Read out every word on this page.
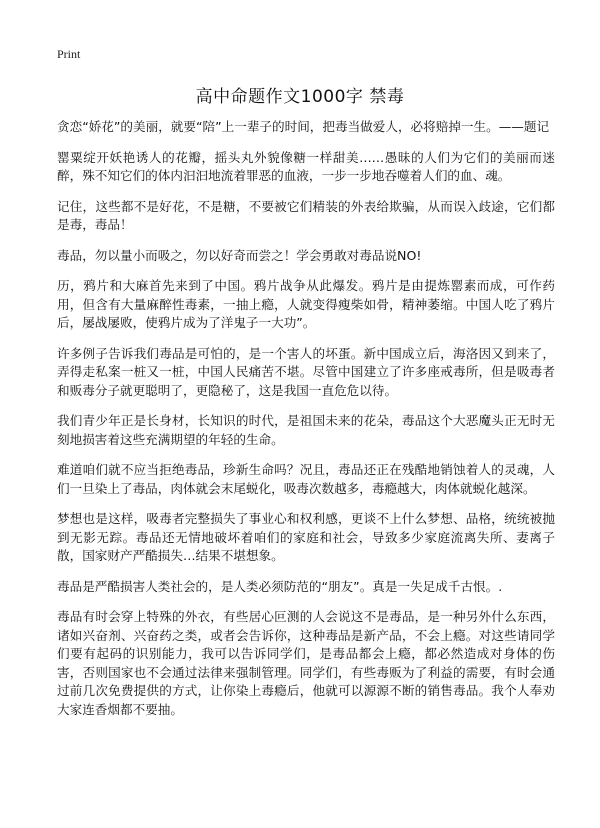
Print
高中命题作文1000字 禁毒

贪恋“娇花”的美丽，就要“陪”上一辈子的时间，把毒当做爱人，必将赔掉一生。——题记

罂粟绽开妖艳诱人的花瓣，摇头丸外貌像糖一样甜美……愚昧的人们为它们的美丽而迷醉，殊不知它们的体内汩汩地流着罪恶的血液，一步一步地吞噬着人们的血、魂。

记住，这些都不是好花，不是糖，不要被它们精装的外表给欺骗，从而误入歧途，它们都是毒，毒品！

毒品，勿以量小而吸之，勿以好奇而尝之！学会勇敢对毒品说NO!

历，鸦片和大麻首先来到了中国。鸦片战争从此爆发。鸦片是由提炼罂素而成，可作药用，但含有大量麻醉性毒素，一抽上瘾，人就变得瘦柴如骨，精神萎缩。中国人吃了鸦片后，屡战屡败，使鸦片成为了洋鬼子一大功”。

许多例子告诉我们毒品是可怕的，是一个害人的坏蛋。新中国成立后，海洛因又到来了，弄得走私案一桩又一桩，中国人民痛苦不堪。尽管中国建立了许多座戒毒所，但是吸毒者和贩毒分子就更聪明了，更隐秘了，这是我国一直危危以待。

我们青少年正是长身材，长知识的时代，是祖国未来的花朵，毒品这个大恶魔头正无时无刻地损害着这些充满期望的年轻的生命。

难道咱们就不应当拒绝毒品，珍新生命吗？况且，毒品还正在残酷地销蚀着人的灵魂，人们一旦染上了毒品，肉体就会末尾蜕化，吸毒次数越多，毒瘾越大，肉体就蜕化越深。

梦想也是这样，吸毒者完整损失了事业心和权利感，更谈不上什么梦想、品格，统统被抛到无影无踪。毒品还无情地破坏着咱们的家庭和社会，导致多少家庭流离失所、妻离子散，国家财产严酷损失…结果不堪想象。

毒品是严酷损害人类社会的，是人类必须防范的“朋友”。真是一失足成千古恨。.

毒品有时会穿上特殊的外衣，有些居心叵测的人会说这不是毒品，是一种另外什么东西，诸如兴奋剂、兴奋药之类，或者会告诉你，这种毒品是新产品，不会上瘾。对这些请同学们要有起码的识别能力，我可以告诉同学们，是毒品都会上瘾，都必然造成对身体的伤害，否则国家也不会通过法律来强制管理。同学们，有些毒贩为了利益的需要，有时会通过前几次免费提供的方式，让你染上毒瘾后，他就可以源源不断的销售毒品。我个人奉劝大家连香烟都不要抽。
